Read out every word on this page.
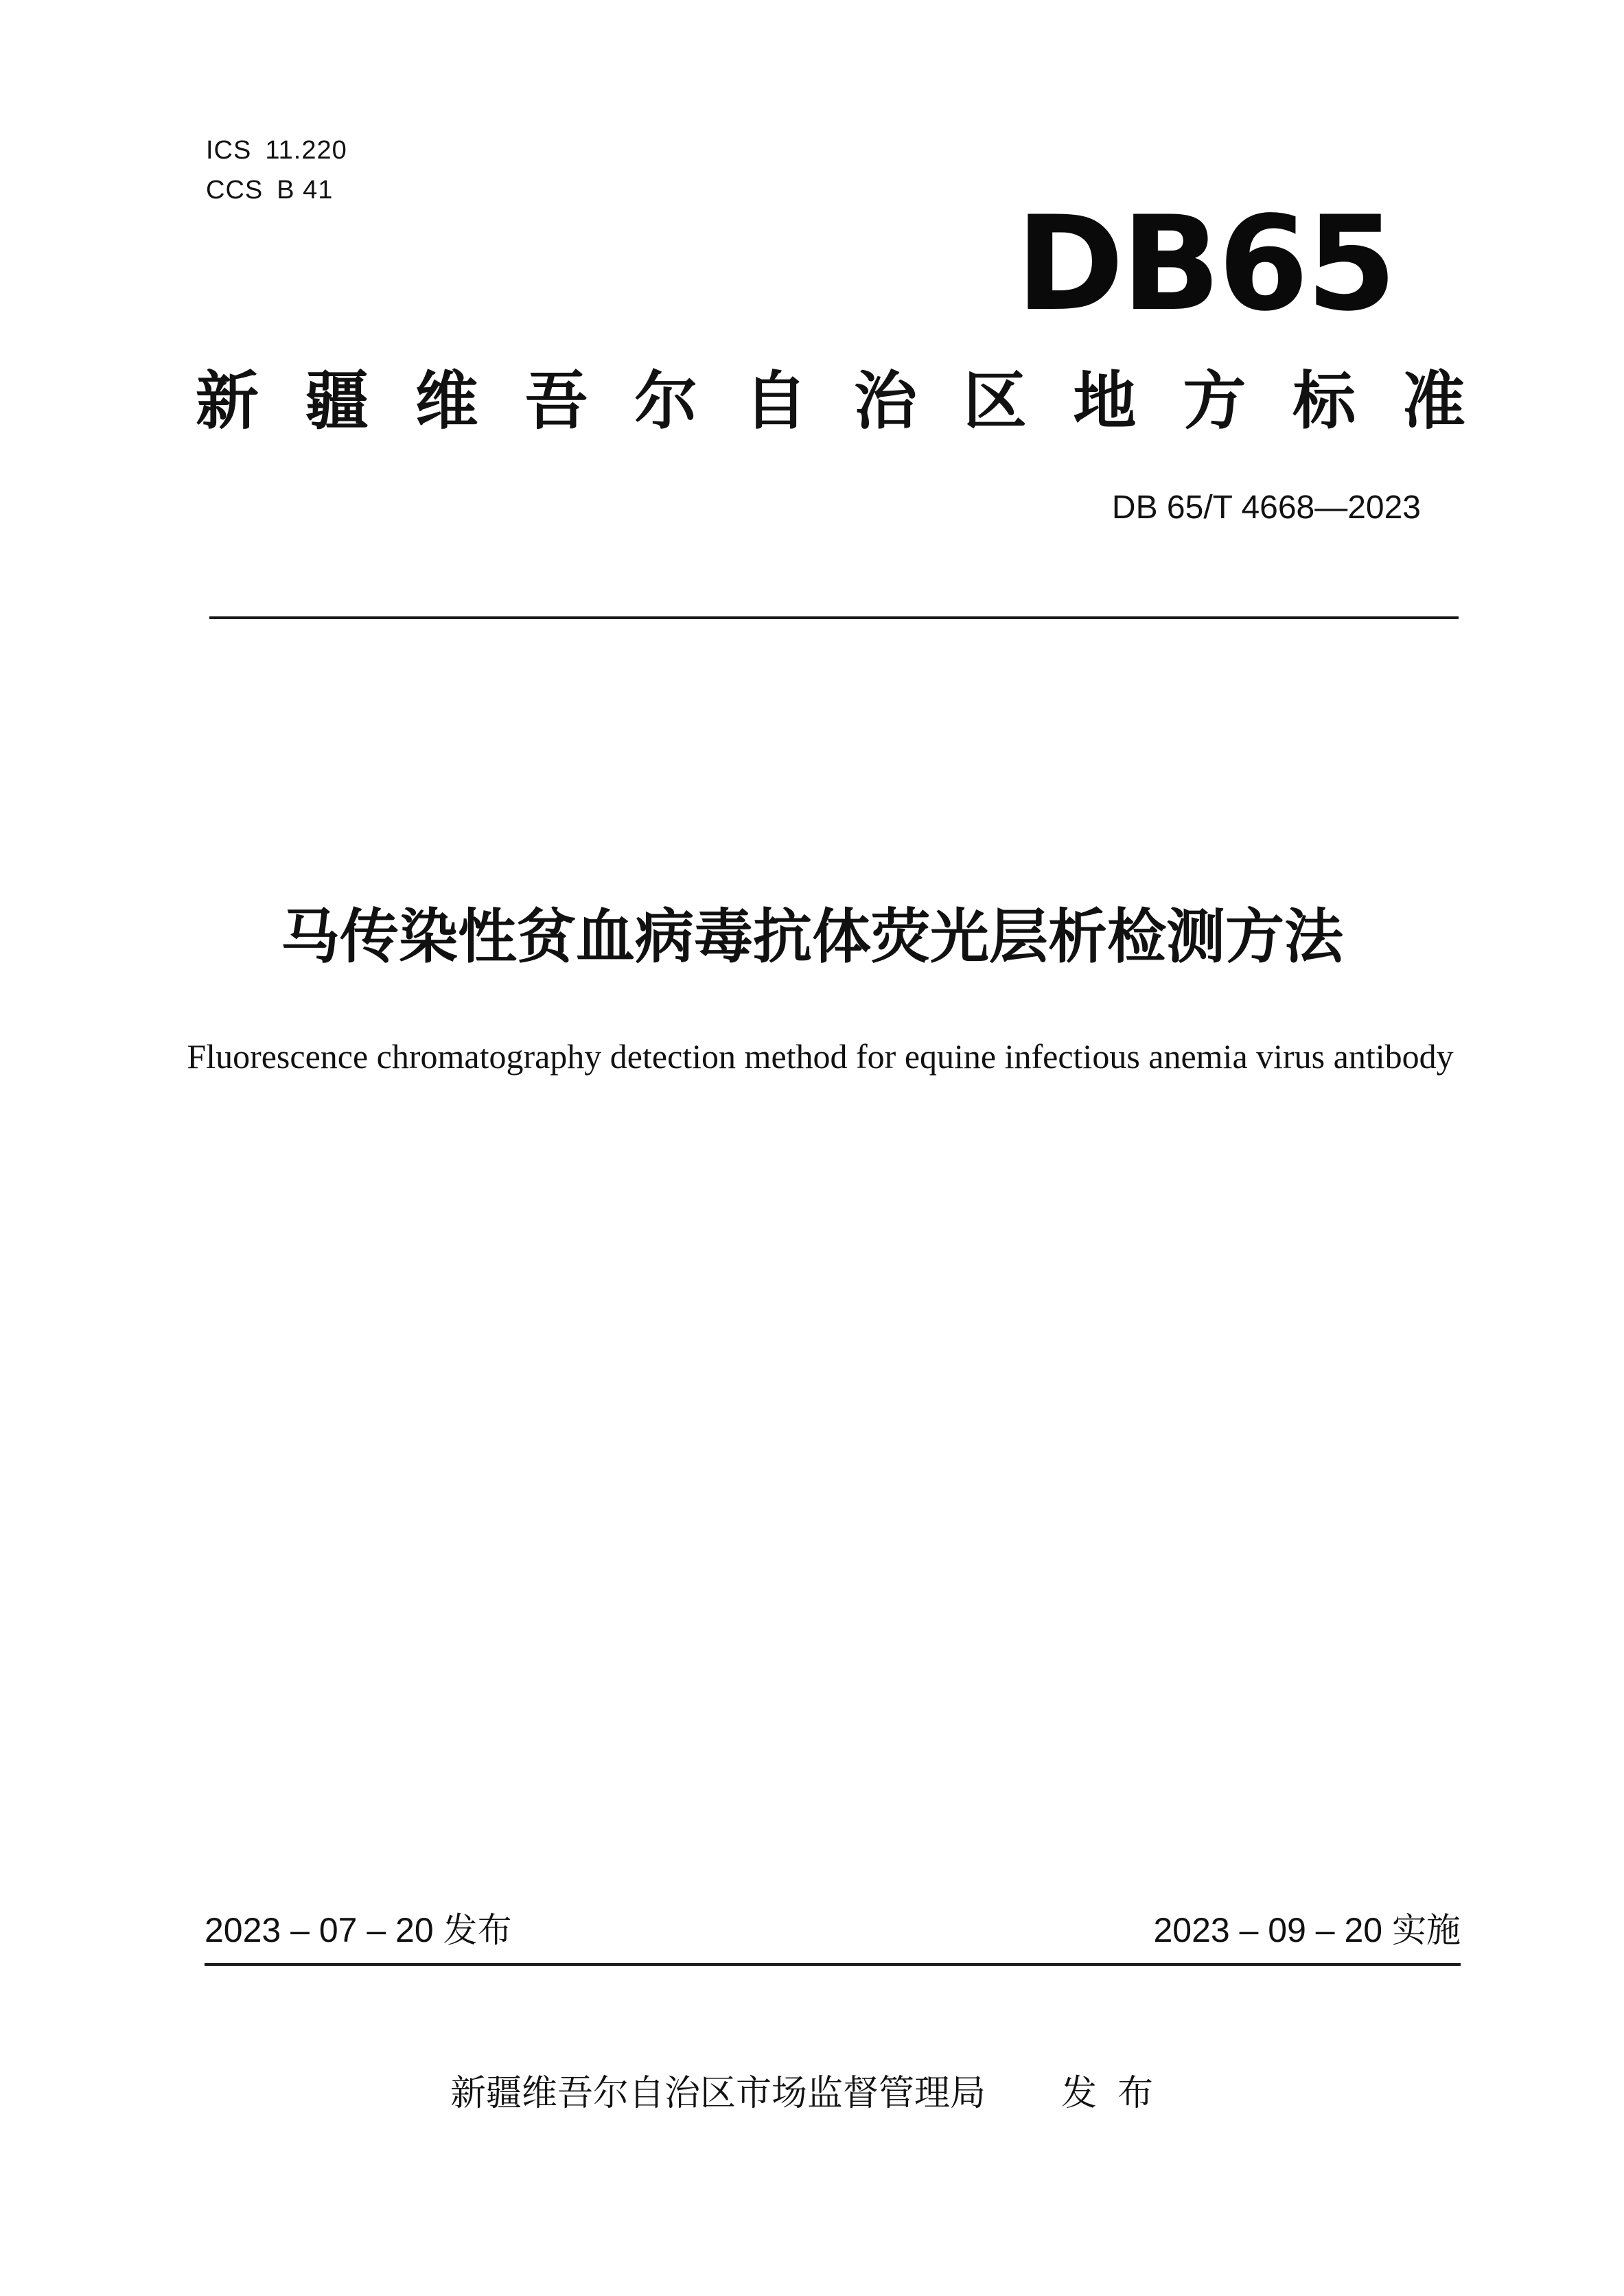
ICS 11.220
CCS B 41	DB65
新 疆 维 吾 尔 自 治 区 地 方 标 准
DB 65/T 4668—2023
马传染性贫血病毒抗体荧光层析检测方法
Fluorescence chromatography detection method for equine infectious anemia virus antibody
2023 – 07 – 20 发布	2023 – 09 – 20 实施
新疆维吾尔自治区市场监督管理局 发布
